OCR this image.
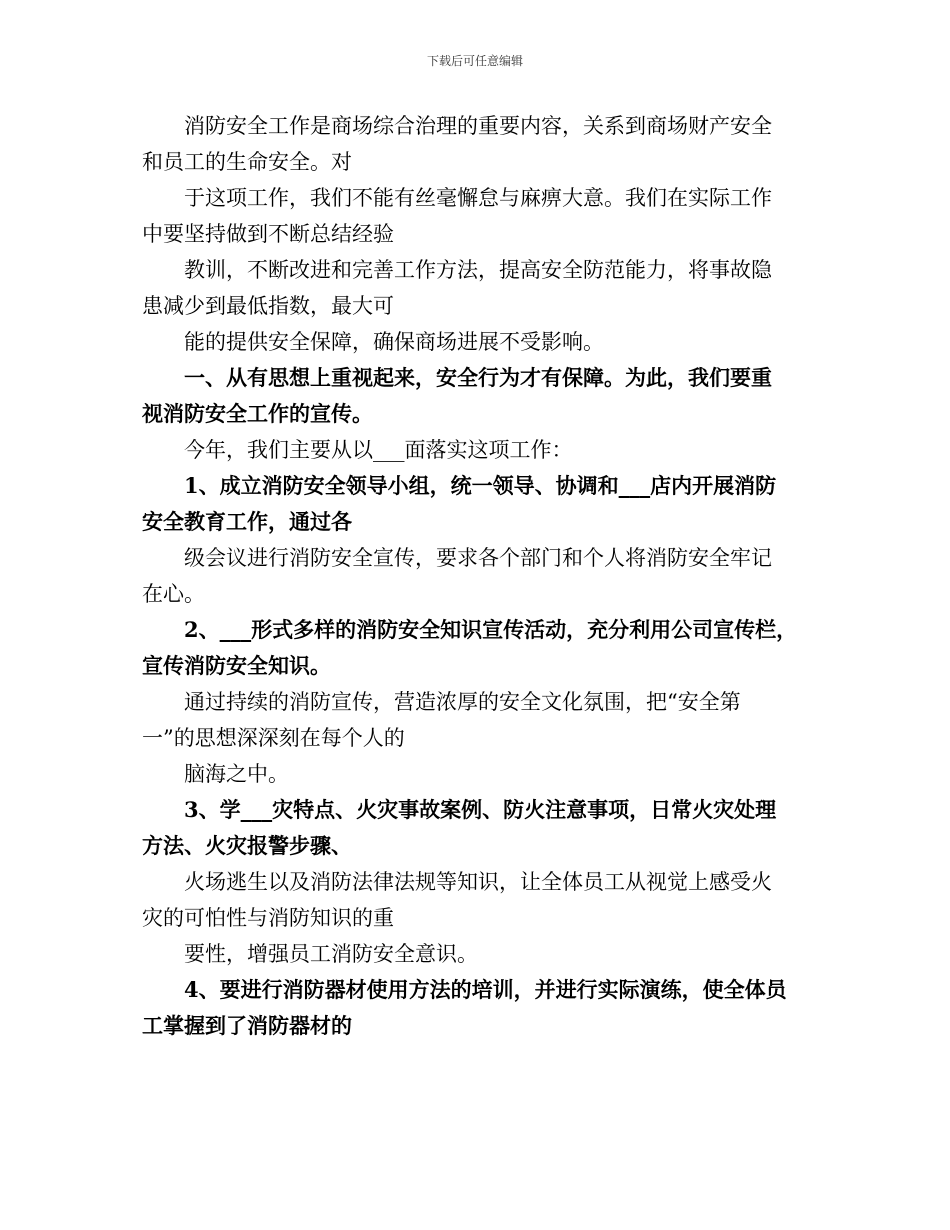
下载后可任意编辑

消防安全工作是商场综合治理的重要内容，关系到商场财产安全
和员工的生命安全。对

于这项工作，我们不能有丝毫懈怠与麻痹大意。我们在实际工作
中要坚持做到不断总结经验

教训，不断改进和完善工作方法，提高安全防范能力，将事故隐
患减少到最低指数，最大可

能的提供安全保障，确保商场进展不受影响。

一、从有思想上重视起来，安全行为才有保障。为此，我们要重
视消防安全工作的宣传。

今年，我们主要从以___面落实这项工作：

1、成立消防安全领导小组，统一领导、协调和___店内开展消防
安全教育工作，通过各

级会议进行消防安全宣传，要求各个部门和个人将消防安全牢记
在心。

2、___形式多样的消防安全知识宣传活动，充分利用公司宣传栏，
宣传消防安全知识。

通过持续的消防宣传，营造浓厚的安全文化氛围，把“安全第
一”的思想深深刻在每个人的

脑海之中。

3、学___灾特点、火灾事故案例、防火注意事项，日常火灾处理
方法、火灾报警步骤、

火场逃生以及消防法律法规等知识，让全体员工从视觉上感受火
灾的可怕性与消防知识的重

要性，增强员工消防安全意识。

4、要进行消防器材使用方法的培训，并进行实际演练，使全体员
工掌握到了消防器材的
